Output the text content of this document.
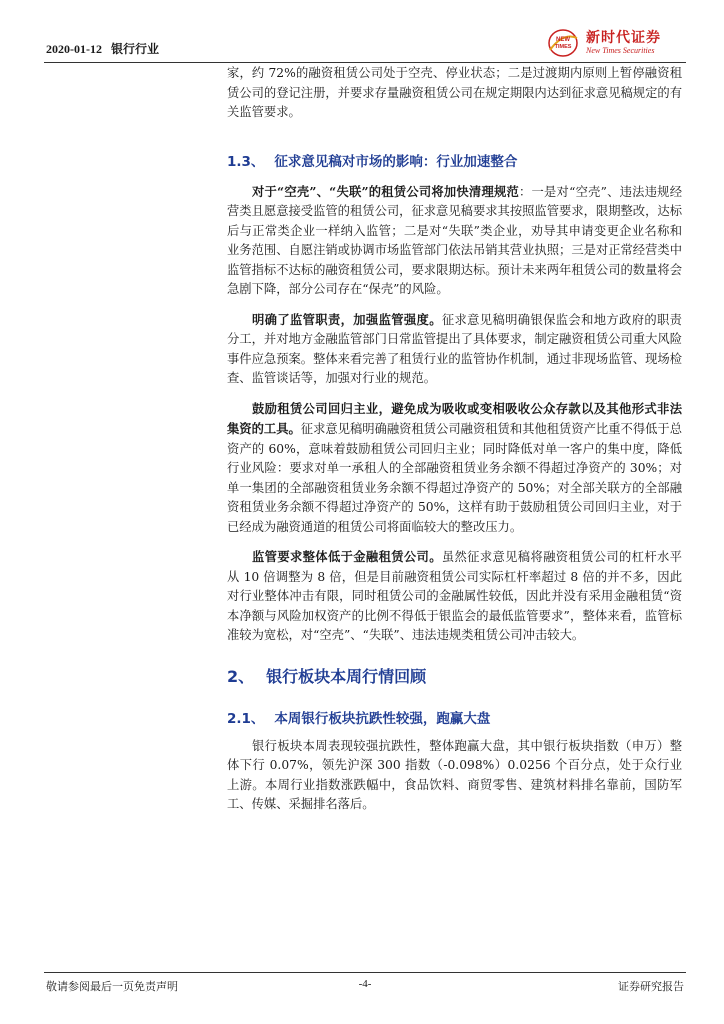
2020-01-12 银行行业
NEW
TIMES
新时代证券
New Times Securities

家，约 72%的融资租赁公司处于空壳、停业状态；二是过渡期内原则上暂停融资租赁公司的登记注册，并要求存量融资租赁公司在规定期限内达到征求意见稿规定的有关监管要求。

1.3、 征求意见稿对市场的影响：行业加速整合

对于“空壳”、“失联”的租赁公司将加快清理规范：一是对“空壳”、违法违规经营类且愿意接受监管的租赁公司，征求意见稿要求其按照监管要求，限期整改，达标后与正常类企业一样纳入监管；二是对“失联”类企业，劝导其申请变更企业名称和业务范围、自愿注销或协调市场监管部门依法吊销其营业执照；三是对正常经营类中监管指标不达标的融资租赁公司，要求限期达标。预计未来两年租赁公司的数量将会急剧下降，部分公司存在“保壳”的风险。

明确了监管职责，加强监管强度。征求意见稿明确银保监会和地方政府的职责分工，并对地方金融监管部门日常监管提出了具体要求，制定融资租赁公司重大风险事件应急预案。整体来看完善了租赁行业的监管协作机制，通过非现场监管、现场检查、监管谈话等，加强对行业的规范。

鼓励租赁公司回归主业，避免成为吸收或变相吸收公众存款以及其他形式非法集资的工具。征求意见稿明确融资租赁公司融资租赁和其他租赁资产比重不得低于总资产的 60%，意味着鼓励租赁公司回归主业；同时降低对单一客户的集中度，降低行业风险：要求对单一承租人的全部融资租赁业务余额不得超过净资产的 30%；对单一集团的全部融资租赁业务余额不得超过净资产的 50%；对全部关联方的全部融资租赁业务余额不得超过净资产的 50%，这样有助于鼓励租赁公司回归主业，对于已经成为融资通道的租赁公司将面临较大的整改压力。

监管要求整体低于金融租赁公司。虽然征求意见稿将融资租赁公司的杠杆水平从 10 倍调整为 8 倍，但是目前融资租赁公司实际杠杆率超过 8 倍的并不多，因此对行业整体冲击有限，同时租赁公司的金融属性较低，因此并没有采用金融租赁“资本净额与风险加权资产的比例不得低于银监会的最低监管要求”，整体来看，监管标准较为宽松，对“空壳”、“失联”、违法违规类租赁公司冲击较大。

2、 银行板块本周行情回顾
2.1、 本周银行板块抗跌性较强，跑赢大盘

银行板块本周表现较强抗跌性，整体跑赢大盘，其中银行板块指数（申万）整体下行 0.07%，领先沪深 300 指数（-0.098%）0.0256 个百分点，处于众行业上游。本周行业指数涨跌幅中，食品饮料、商贸零售、建筑材料排名靠前，国防军工、传媒、采掘排名落后。

敬请参阅最后一页免责声明	-4-	证券研究报告
